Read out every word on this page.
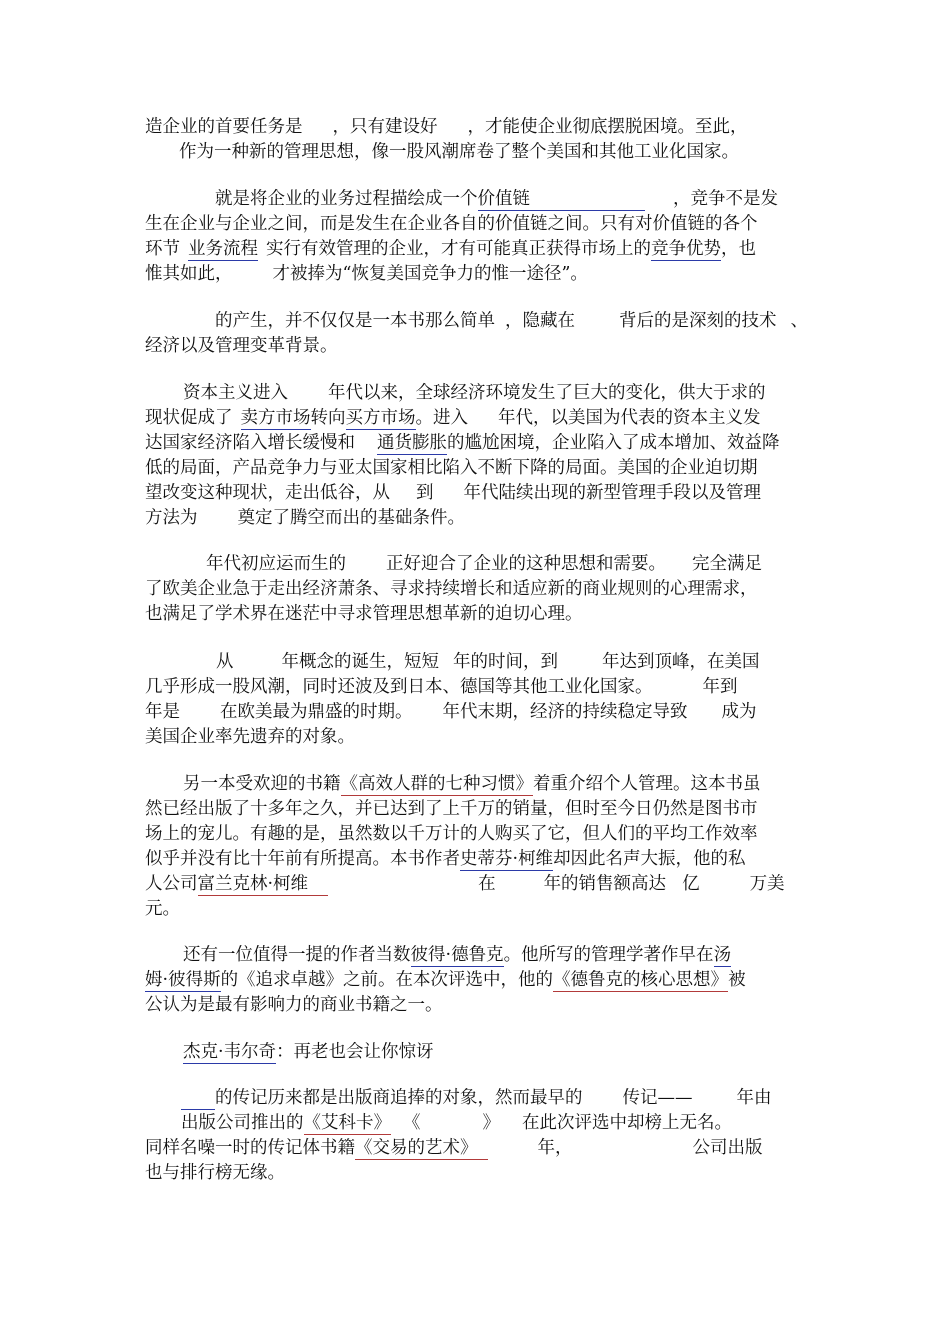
造企业的首要任务是 ，只有建设好 ，才能使企业彻底摆脱困境。至此，
作为一种新的管理思想，像一股风潮席卷了整个美国和其他工业化国家。
就是将企业的业务过程描绘成一个价值链	，竞争不是发
生在企业与企业之间，而是发生在企业各自的价值链之间。只有对价值链的各个
环节 业务流程 实行有效管理的企业，才有可能真正获得市场上的竞争优势，也
惟其如此， 才被捧为“恢复美国竞争力的惟一途径”。
的产生，并不仅仅是一本书那么简单 ，隐藏在	背后的是深刻的技术 、
经济以及管理变革背景。
资本主义进入 年代以来，全球经济环境发生了巨大的变化，供大于求的
现状促成了 卖方市场转向买方市场。进入 年代，以美国为代表的资本主义发
达国家经济陷入增长缓慢和 通货膨胀的尴尬困境，企业陷入了成本增加、效益降
低的局面，产品竞争力与亚太国家相比陷入不断下降的局面。美国的企业迫切期
望改变这种现状，走出低谷，从 到 年代陆续出现的新型管理手段以及管理
方法为 奠定了腾空而出的基础条件。
年代初应运而生的 正好迎合了企业的这种思想和需要。 完全满足
了欧美企业急于走出经济萧条、寻求持续增长和适应新的商业规则的心理需求，
也满足了学术界在迷茫中寻求管理思想革新的迫切心理。
从	年概念的诞生，短短 年的时间，到	年达到顶峰，在美国
几乎形成一股风潮，同时还波及到日本、德国等其他工业化国家。	年到
年是 在欧美最为鼎盛的时期。 年代末期，经济的持续稳定导致 成为
美国企业率先遗弃的对象。
另一本受欢迎的书籍《高效人群的七种习惯》着重介绍个人管理。这本书虽
然已经出版了十多年之久，并已达到了上千万的销量，但时至今日仍然是图书市
场上的宠儿。有趣的是，虽然数以千万计的人购买了它，但人们的平均工作效率
似乎并没有比十年前有所提高。本书作者史蒂芬·柯维却因此名声大振，他的私
人公司富兰克林·柯维	在	年的销售额高达 亿	万美
元。
还有一位值得一提的作者当数彼得·德鲁克。他所写的管理学著作早在汤
姆·彼得斯的《追求卓越》之前。在本次评选中，他的《德鲁克的核心思想》被
公认为是最有影响力的商业书籍之一。
杰克·韦尔奇：再老也会让你惊讶
的传记历来都是出版商追捧的对象，然而最早的 传记——	年由
出版公司推出的《艾科卡》 《	》 在此次评选中却榜上无名。
同样名噪一时的传记体书籍《交易的艺术》	年，	公司出版
也与排行榜无缘。
